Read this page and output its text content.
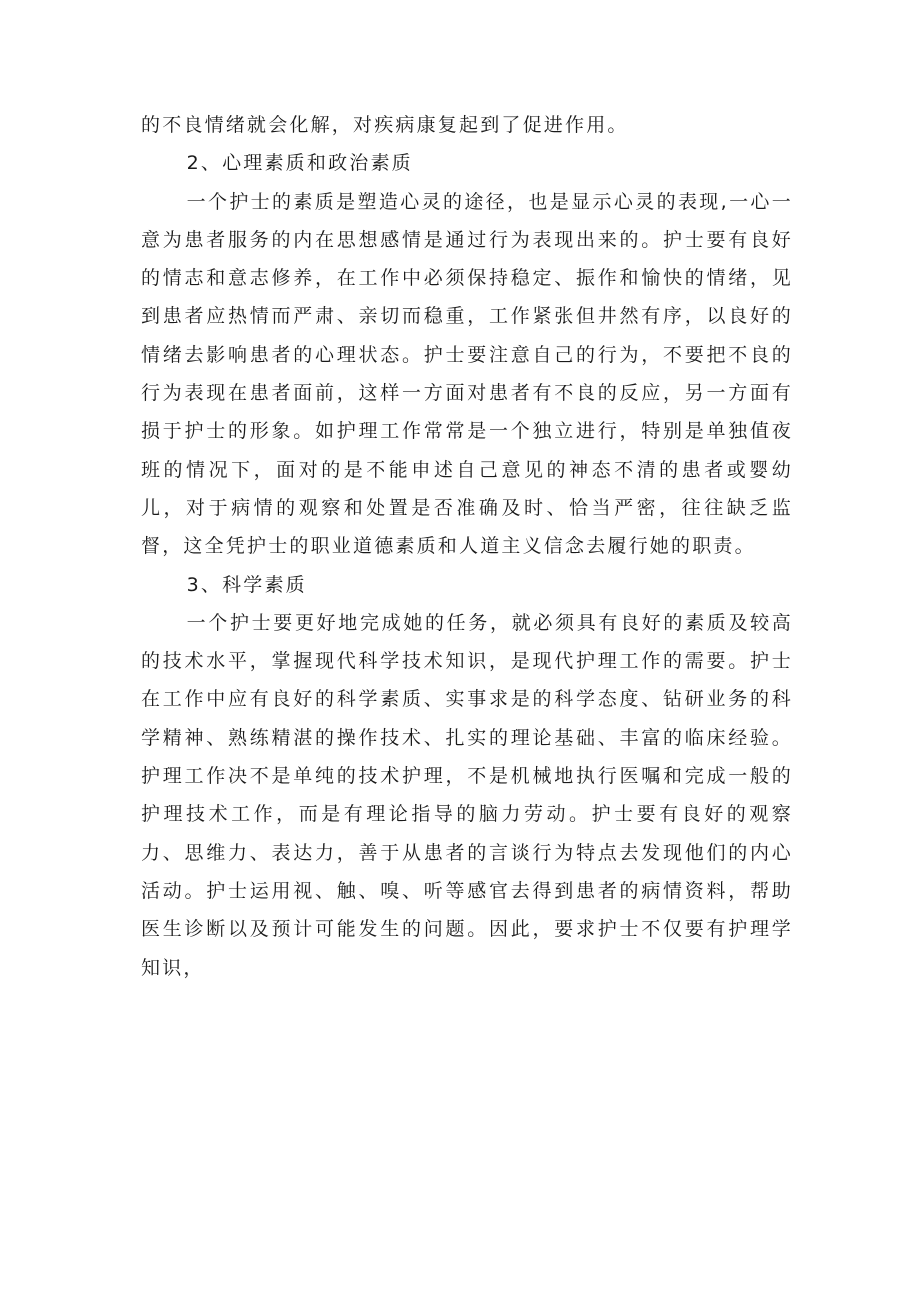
的不良情绪就会化解，对疾病康复起到了促进作用。

2、心理素质和政治素质

一个护士的素质是塑造心灵的途径，也是显示心灵的表现,一心一意为患者服务的内在思想感情是通过行为表现出来的。护士要有良好的情志和意志修养，在工作中必须保持稳定、振作和愉快的情绪，见到患者应热情而严肃、亲切而稳重，工作紧张但井然有序，以良好的情绪去影响患者的心理状态。护士要注意自己的行为，不要把不良的行为表现在患者面前，这样一方面对患者有不良的反应，另一方面有损于护士的形象。如护理工作常常是一个独立进行，特别是单独值夜班的情况下，面对的是不能申述自己意见的神态不清的患者或婴幼儿，对于病情的观察和处置是否准确及时、恰当严密，往往缺乏监督，这全凭护士的职业道德素质和人道主义信念去履行她的职责。

3、科学素质

一个护士要更好地完成她的任务，就必须具有良好的素质及较高的技术水平，掌握现代科学技术知识，是现代护理工作的需要。护士在工作中应有良好的科学素质、实事求是的科学态度、钻研业务的科学精神、熟练精湛的操作技术、扎实的理论基础、丰富的临床经验。护理工作决不是单纯的技术护理，不是机械地执行医嘱和完成一般的护理技术工作，而是有理论指导的脑力劳动。护士要有良好的观察力、思维力、表达力，善于从患者的言谈行为特点去发现他们的内心活动。护士运用视、触、嗅、听等感官去得到患者的病情资料，帮助医生诊断以及预计可能发生的问题。因此，要求护士不仅要有护理学知识，
